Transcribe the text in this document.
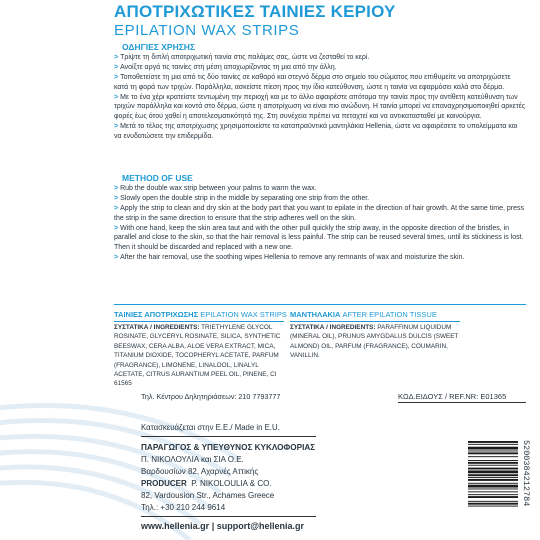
ΑΠΟΤΡΙΧΩΤΙΚΕΣ ΤΑΙΝΙΕΣ ΚΕΡΙΟΥ
EPILATION WAX STRIPS
ΟΔΗΓΙΕΣ ΧΡΗΣΗΣ

> Τρίψτε τη διπλή αποτριχωτική ταινία στις παλάμες σας, ώστε να ζεσταθεί το κερί.

> Ανοίξτε αργά τις ταινίες στη μέση αποχωρίζοντας τη μια από την άλλη.

> Τοποθετείστε τη μια από τις δύο ταινίες σε καθαρό και στεγνό δέρμα στο σημείο του σώματος που επιθυμείτε να αποτριχώσετε κατά τη φορά των τριχών. Παράλληλα, ασκείστε πίεση προς την ίδια κατεύθυνση, ώστε η ταινία να εφαρμόσει καλά στο δέρμα.

> Με το ένα χέρι κρατείστε τεντωμένη την περιοχή και με το άλλο αφαιρέστε απότομα την ταινία προς την αντίθετη κατεύθυνση των τριχών παράλληλα και κοντά στο δέρμα, ώστε η αποτρίχωση να είναι πιο ανώδυνη. Η ταινία μπορεί να επαναχρησιμοποιηθεί αρκετές φορές έως ότου χαθεί η αποτελεσματικότητά της. Στη συνέχεια πρέπει να πεταχτεί και να αντικατασταθεί με καινούργια.

> Μετά το τέλος της αποτρίχωσης χρησιμοποιείστε τα καταπραϋντικά μαντηλάκια Hellenia, ώστε να αφαιρέσετε το υπολείμματα και να ενυδατώσετε την επιδερμίδα.

METHOD OF USE

> Rub the double wax strip between your palms to warm the wax.

> Slowly open the double strip in the middle by separating one strip from the other.

> Apply the strip to clean and dry skin at the body part that you want to epilate in the direction of hair growth. At the same time, press the strip in the same direction to ensure that the strip adheres well on the skin.

> With one hand, keep the skin area taut and with the other pull quickly the strip away, in the opposite direction of the bristles, in parallel and close to the skin, so that the hair removal is less painful. The strip can be reused several times, until its stickiness is lost. Then it should be discarded and replaced with a new one.

> After the hair removal, use the soothing wipes Hellenia to remove any remnants of wax and moisturize the skin.

ΤΑΙΝΙΕΣ ΑΠΟΤΡΙΧΩΣΗΣ EPILATION WAX STRIPS
ΣΥΣΤΑΤΙΚΑ / INGREDIENTS: TRIETHYLENE GLYCOL ROSINATE, GLYCERYL ROSINATE, SILICA, SYNTHETIC BEESWAX, CERA ALBA, ALOE VERA EXTRACT, MICA, TITANIUM DIOXIDE, TOCOPHERYL ACETATE, PARFUM (FRAGRANCE), LIMONENE, LINALOOL, LINALYL ACETATE, CITRUS AURANTIUM PEEL OIL, PINENE, CI 61565
ΜΑΝΤΗΛΑΚΙΑ AFTER EPILATION TISSUE
ΣΥΣΤΑΤΙΚΑ / INGREDIENTS: PARAFFINUM LIQUIDUM (MINERAL OIL), PRUNUS AMYGDALUS DULCIS (SWEET ALMOND) OIL, PARFUM (FRAGRANCE), COUMARIN, VANILLIN.
Τηλ. Κέντρου Δηλητηριάσεων: 210 7793777	ΚΩΔ.ΕΙΔΟΥΣ / REF.NR: E01365
Κατασκευάζεται στην Ε.Ε./ Made in E.U.
ΠΑΡΑΓΩΓΟΣ & ΥΠΕΥΘΥΝΟΣ ΚΥΚΛΟΦΟΡΙΑΣ
Π. ΝΙΚΟΛΟΥΛΙΑ και ΣΙΑ Ο.Ε.
Βαρδουσίων 82, Αχαρνές Αττικής
PRODUCER P. NIKOLOULIA & CO.
82, Vardousion Str., Achames Greece
Τηλ.: +30 210 244 9614
www.hellenia.gr | support@hellenia.gr
5200384212784
